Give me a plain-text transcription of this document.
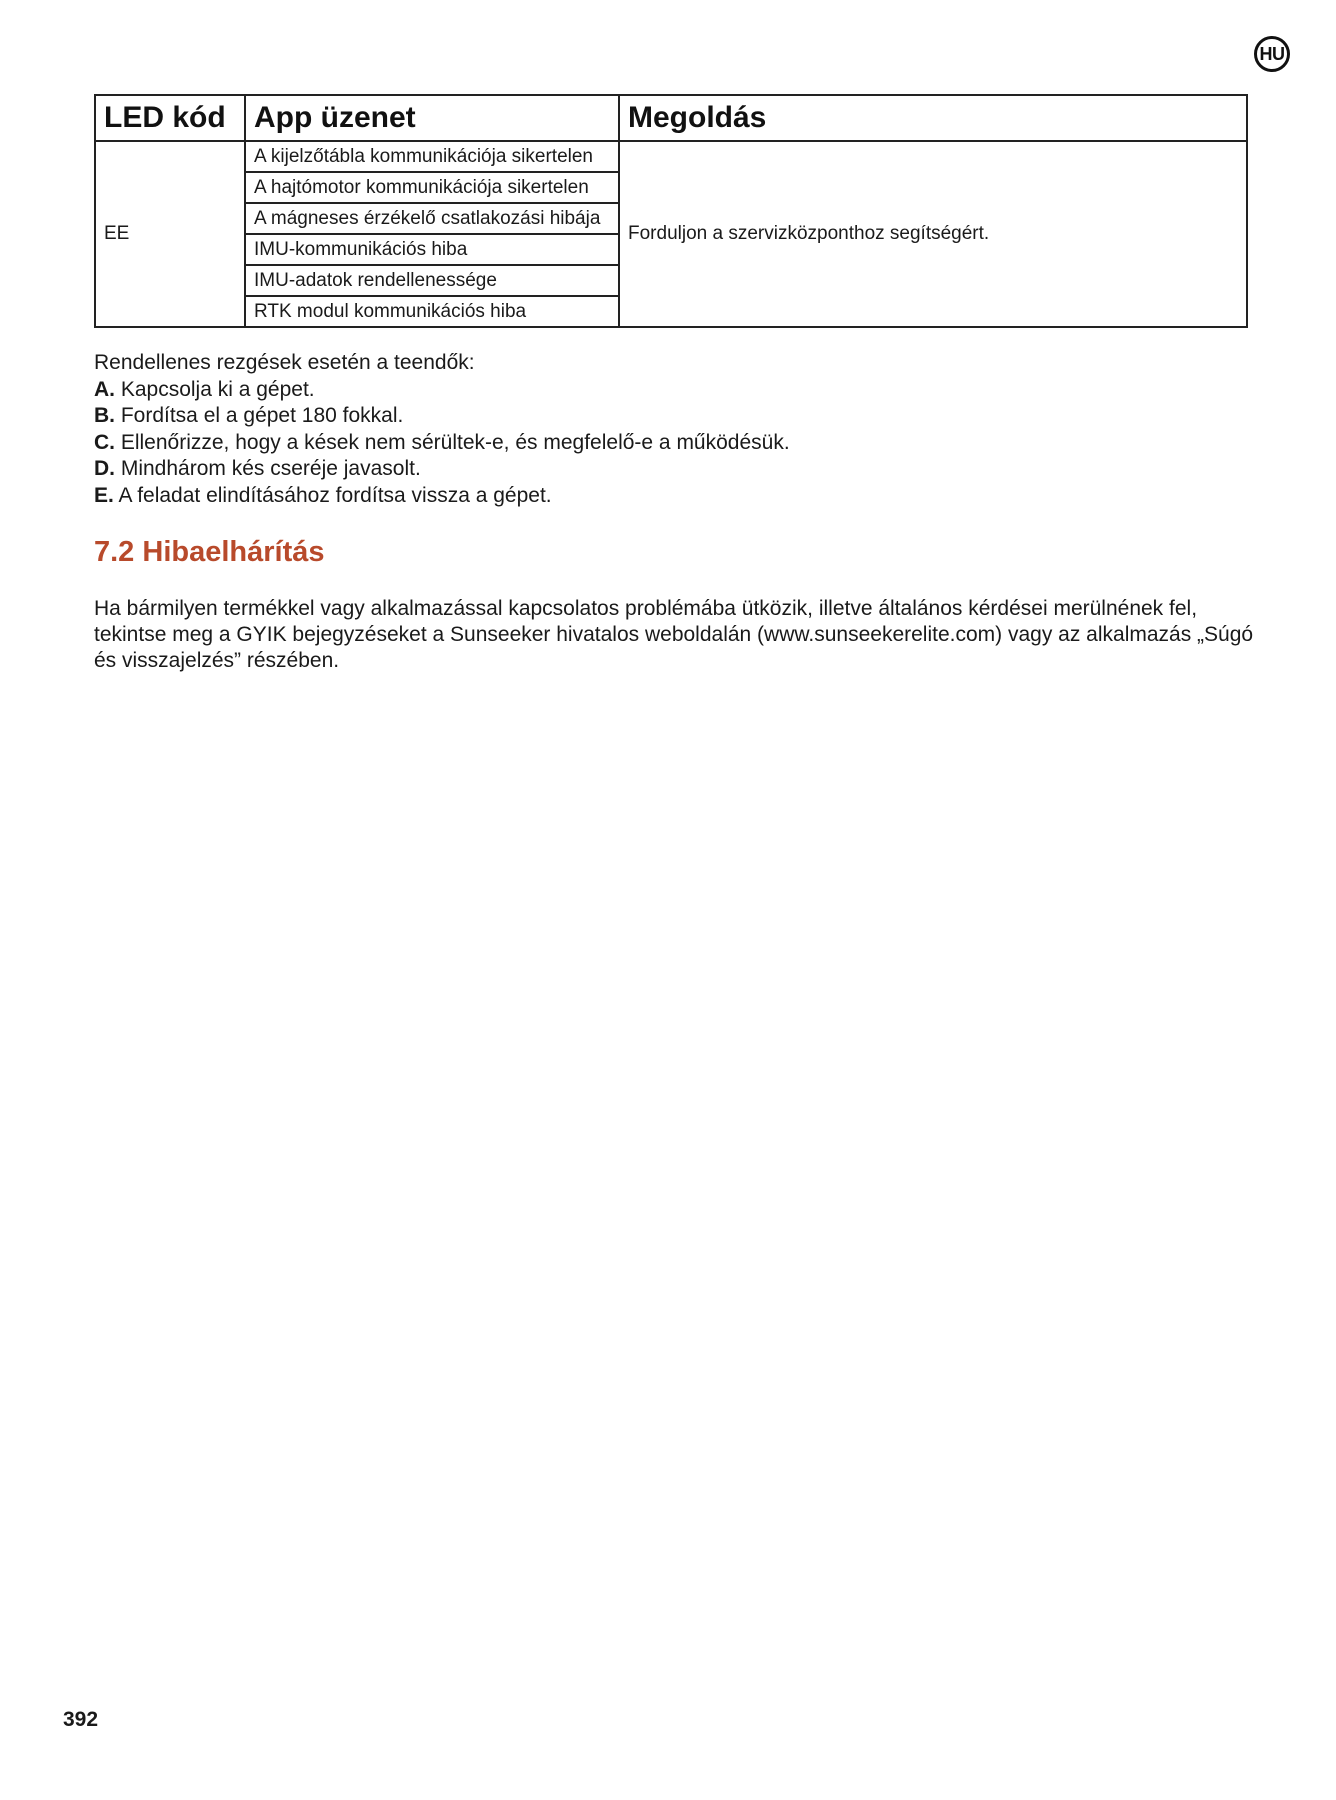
HU
LED kód	App üzenet	Megoldás
EE	A kijelzőtábla kommunikációja sikertelen	Forduljon a szervizközponthoz segítségért.
	A hajtómotor kommunikációja sikertelen	
	A mágneses érzékelő csatlakozási hibája	
	IMU-kommunikációs hiba	
	IMU-adatok rendellenessége	
	RTK modul kommunikációs hiba	
Rendellenes rezgések esetén a teendők:
A. Kapcsolja ki a gépet.
B. Fordítsa el a gépet 180 fokkal.
C. Ellenőrizze, hogy a kések nem sérültek-e, és megfelelő-e a működésük.
D. Mindhárom kés cseréje javasolt.
E. A feladat elindításához fordítsa vissza a gépet.
7.2 Hibaelhárítás

Ha bármilyen termékkel vagy alkalmazással kapcsolatos problémába ütközik, illetve általános kérdései merülnének fel, tekintse meg a GYIK bejegyzéseket a Sunseeker hivatalos weboldalán (www.sunseekerelite.com) vagy az alkalmazás „Súgó és visszajelzés” részében.

392
